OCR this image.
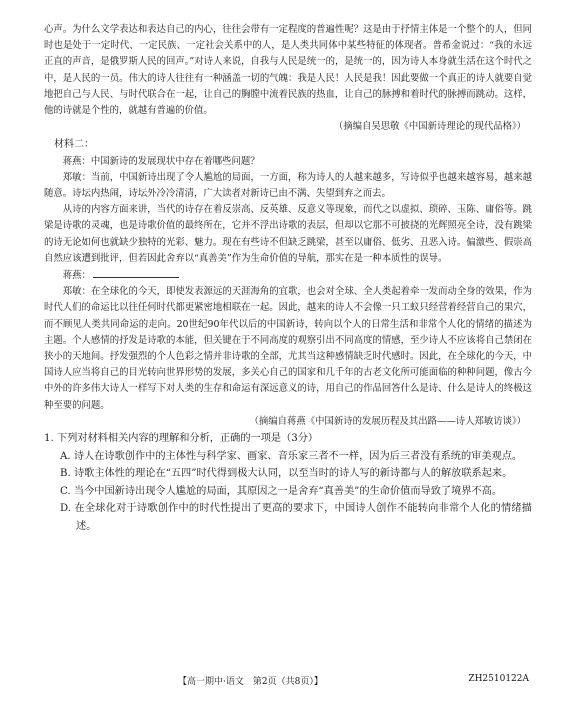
心声。为什么文学表达和表达自己的内心，往往会带有一定程度的普遍性呢？这是由于抒情主体是一个整个的人，但同时也是处于一定时代、一定民族、一定社会关系中的人，是人类共同体中某些特征的体现者。普希金说过：“我的永远正直的声音，是俄罗斯人民的回声。”对诗人来说，自我与人民是统一的，是统一的，因为诗人本身就生活在这个时代之中，是人民的一员。伟大的诗人往往有一种涵盖一切的气魄：我是人民！人民是我！因此要做一个真正的诗人就要自觉地把自己与人民、与时代联合在一起，让自己的胸膛中流着民族的热血，让自己的脉搏和着时代的脉搏而跳动。这样，他的诗就是个性的，就越有普遍的价值。

（摘编自吴思敬《中国新诗理论的现代品格》）

材料二：

蒋燕：中国新诗的发展现状中存在着哪些问题？

郑敏：当前，中国新诗出现了令人尴尬的局面，一方面，称为诗人的人越来越多，写诗似乎也越来越容易，越来越随意。诗坛内热闹，诗坛外冷冷清清，广大读者对新诗已由不满、失望到弃之而去。

从诗的内容方面来讲，当代的诗存在着反崇高、反英雄、反意义等现象，而代之以虚拟、琐碎、玉陈、庸俗等。跳梁是诗歌的灵魂，也是诗歌价值的最终所在，它并不浮出诗歌的表层，但却以它那不可披挠的光辉照亮全诗，没有跳梁的诗无论如何也就缺少独特的光彩、魅力。现在有些诗不但缺乏跳梁，甚至以庸俗、低劣、丑恶入诗。偏激些、假崇高自然应该遭到批评，但若因此舍弃以“真善美”作为生命价值的导航，那实在是一种本质性的误导。

蒋燕：

郑敏：在全球化的今天，即使发表源远的天涯海角的宜歌，也会对全球、全人类起着牵一发而动全身的效果，作为时代人们的命运比以往任何时代都更紧密地相联在一起。因此，越来的诗人不会像一只工蚁只经营着经营自己的果穴，而不顾见人类共同命运的走向。20世纪90年代以后的中国新诗，转向以个人的日常生活和非常个人化的情绪的描述为主题。个人感情的抒发是诗歌的本能，但关键在于不同高度的观察引出不同高度的情感，至少诗人不应该将自己禁闭在狭小的天地间。抒发强烈的个人色彩之情并非诗歌的全部，尤其当这种感情缺乏时代感时。因此，在全球化的今天，中国诗人应当将自己的目光转向世界形势的发展，多关心自己的国家和几千年的古老文化所可能面临的种种问题，像古今中外的许多伟大诗人一样写下对人类的生存和命运有深远意义的诗，用自己的作品回答什么是诗、什么是诗人的终极这种至要的问题。

（摘编自蒋燕《中国新诗的发展历程及其出路——诗人郑敏访谈》）

1. 下列对材料相关内容的理解和分析，正确的一项是（3分）

A. 诗人在诗歌创作中的主体性与科学家、画家、音乐家三者不一样，因为后三者没有系统的审美观点。

B. 诗歌主体性的理论在“五四”时代得到极大认同，以至当时的诗人写的新诗都与人的解放联系起来。

C. 当今中国新诗出现令人尴尬的局面，其原因之一是舍弃“真善美”的生命价值而导致了境界不高。

D. 在全球化对于诗歌创作中的时代性提出了更高的要求下，中国诗人创作不能转向非常个人化的情绪描述。

【高一期中·语文　第2页（共8页）】	ZH2510122A
